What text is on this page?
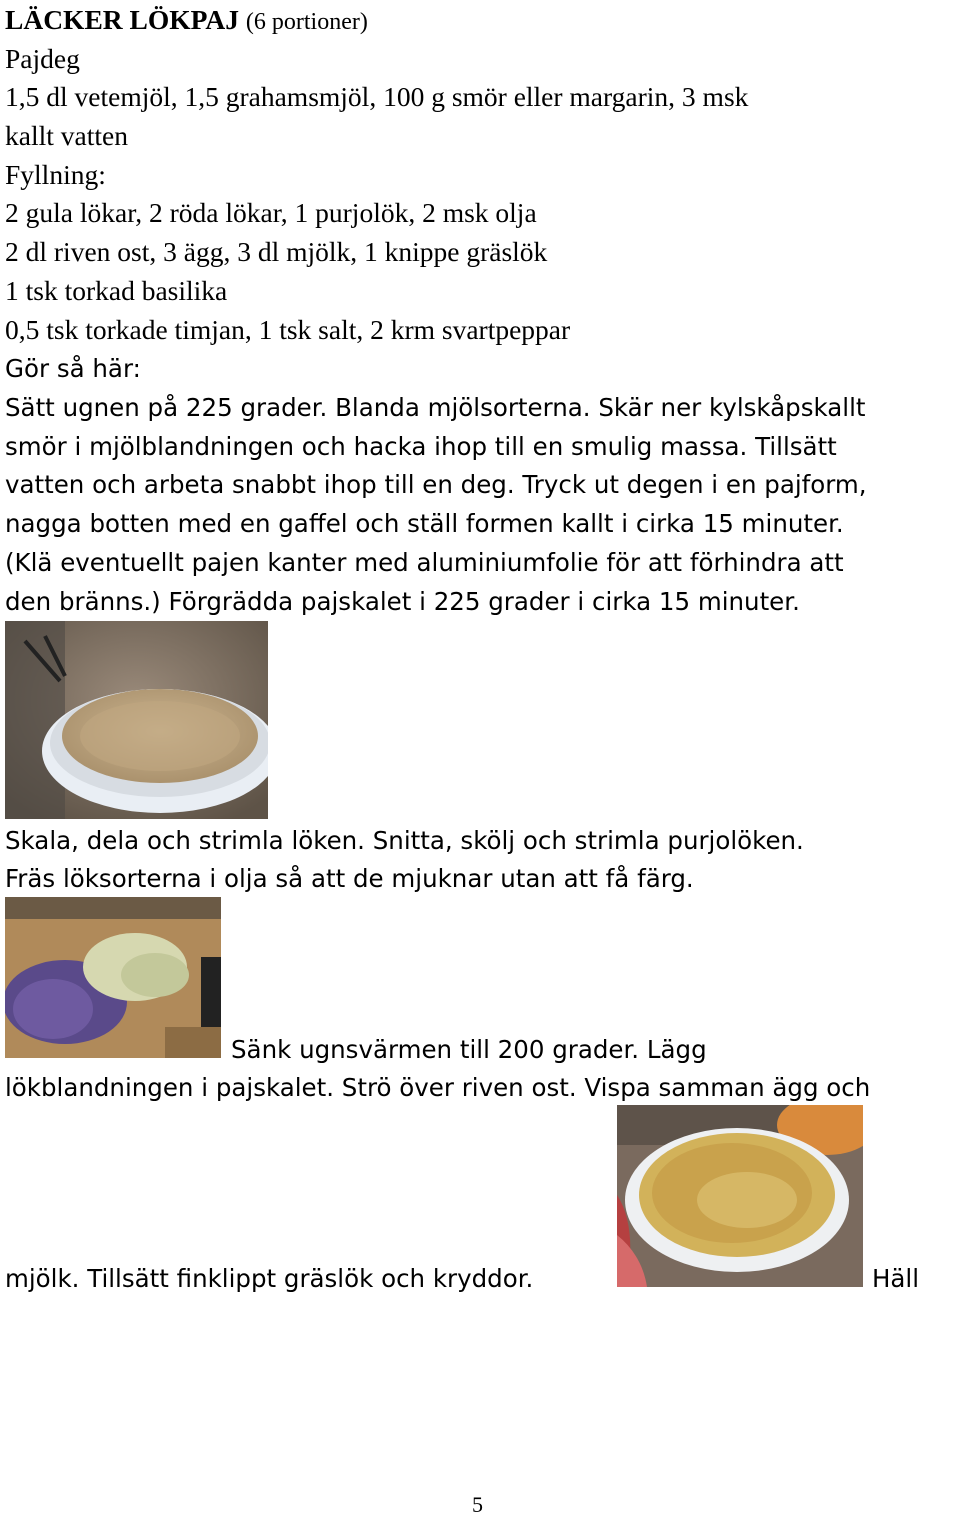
LÄCKER LÖKPAJ (6 portioner)
Pajdeg
1,5 dl vetemjöl, 1,5 grahamsmjöl, 100 g smör eller margarin, 3 msk
kallt vatten
Fyllning:
2 gula lökar, 2 röda lökar, 1 purjolök, 2 msk olja
2 dl riven ost, 3 ägg, 3 dl mjölk, 1 knippe gräslök
1 tsk torkad basilika
0,5 tsk torkade timjan, 1 tsk salt, 2 krm svartpeppar
Gör så här:
Sätt ugnen på 225 grader. Blanda mjölsorterna. Skär ner kylskåpskallt
smör i mjölblandningen och hacka ihop till en smulig massa. Tillsätt
vatten och arbeta snabbt ihop till en deg. Tryck ut degen i en pajform,
nagga botten med en gaffel och ställ formen kallt i cirka 15 minuter.
(Klä eventuellt pajen kanter med aluminiumfolie för att förhindra att
den bränns.) Förgrädda pajskalet i 225 grader i cirka 15 minuter.
Skala, dela och strimla löken. Snitta, skölj och strimla purjolöken.
Fräs löksorterna i olja så att de mjuknar utan att få färg.
Sänk ugnsvärmen till 200 grader. Lägg
lökblandningen i pajskalet. Strö över riven ost. Vispa samman ägg och
mjölk. Tillsätt finklippt gräslök och kryddor.	Häll
5
